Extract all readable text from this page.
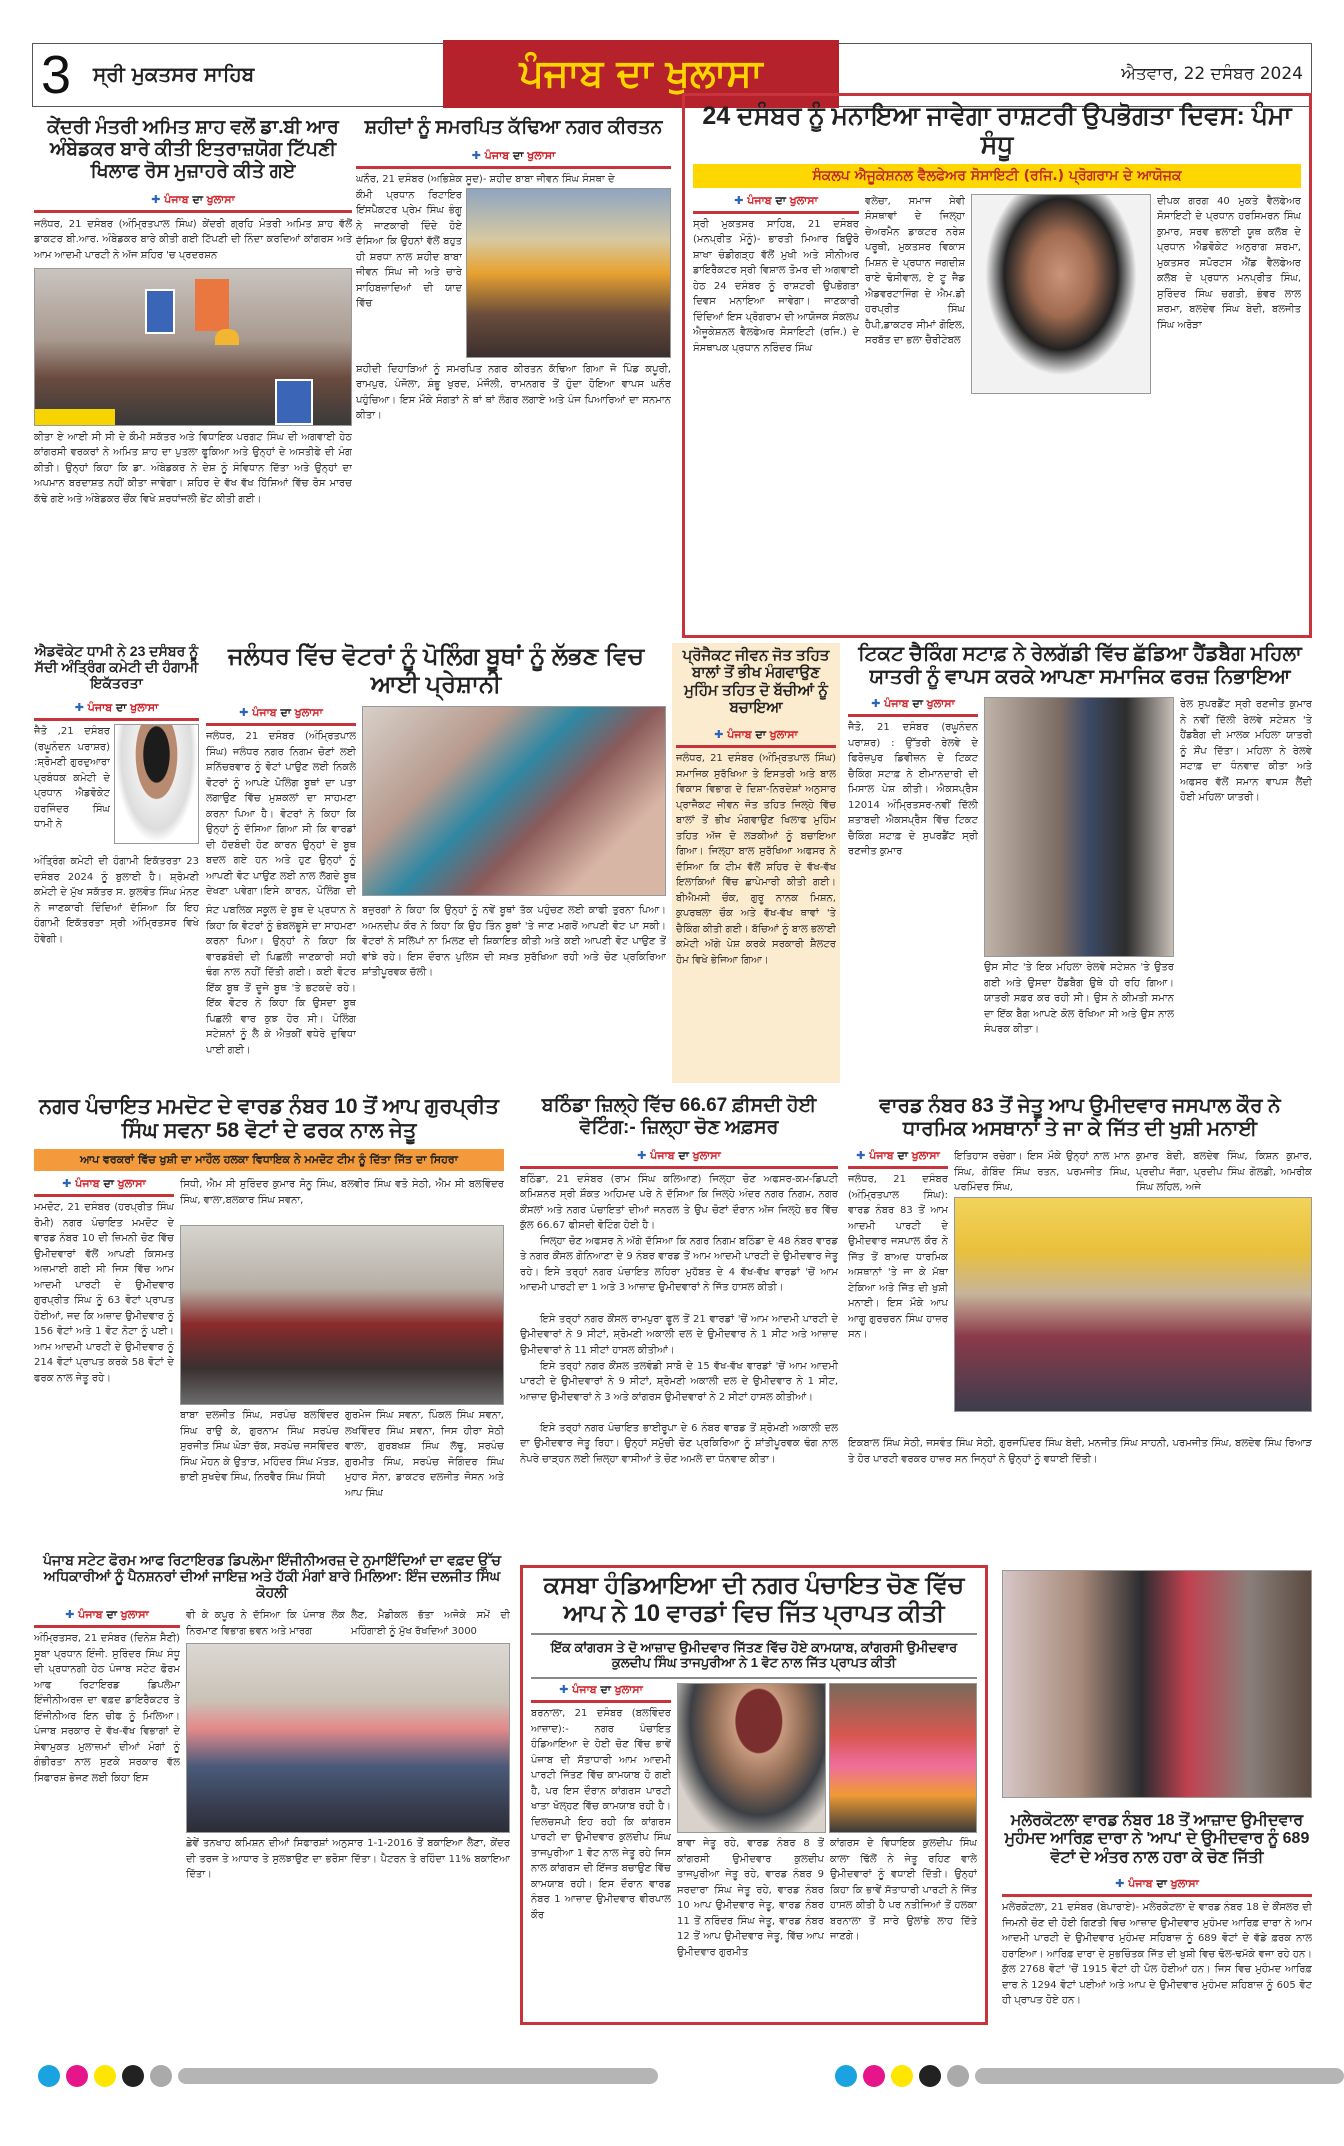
3 ਸ੍ਰੀ ਮੁਕਤਸਰ ਸਾਹਿਬ	ਪੰਜਾਬ ਦਾ ਖੁਲਾਸਾ	ਐਤਵਾਰ, 22 ਦਸੰਬਰ 2024
ਕੇਂਦਰੀ ਮੰਤਰੀ ਅਮਿਤ ਸ਼ਾਹ ਵਲੋਂ ਡਾ.ਬੀ ਆਰ ਅੰਬੇਡਕਰ ਬਾਰੇ ਕੀਤੀ ਇਤਰਾਜ਼ਯੋਗ ਟਿੱਪਣੀ ਖਿਲਾਫ ਰੋਸ ਮੁਜ਼ਾਹਰੇ ਕੀਤੇ ਗਏ
✚ ਪੰਜਾਬ ਦਾ ਖੁਲਾਸਾ
ਜਲੰਧਰ, 21 ਦਸੰਬਰ (ਅੰਮ੍ਰਿਤਪਾਲ ਸਿੰਘ) ਕੇਂਦਰੀ ਗ੍ਰਹਿ ਮੰਤਰੀ ਅਮਿਤ ਸ਼ਾਹ ਵੱਲੋਂ ਡਾਕਟਰ ਬੀ.ਆਰ. ਅੰਬੇਡਕਰ ਬਾਰੇ ਕੀਤੀ ਗਈ ਟਿੱਪਣੀ ਦੀ ਨਿੰਦਾ ਕਰਦਿਆਂ ਕਾਂਗਰਸ ਅਤੇ ਆਮ ਆਦਮੀ ਪਾਰਟੀ ਨੇ ਅੱਜ ਸ਼ਹਿਰ 'ਚ ਪ੍ਰਦਰਸ਼ਨ
ਕੀਤਾ ਏ ਆਈ ਸੀ ਸੀ ਦੇ ਕੌਮੀ ਸਕੱਤਰ ਅਤੇ ਵਿਧਾਇਕ ਪਰਗਟ ਸਿੰਘ ਦੀ ਅਗਵਾਈ ਹੇਠ ਕਾਂਗਰਸੀ ਵਰਕਰਾਂ ਨੇ ਅਮਿਤ ਸ਼ਾਹ ਦਾ ਪੁਤਲਾ ਫੂਕਿਆ ਅਤੇ ਉਨ੍ਹਾਂ ਦੇ ਅਸਤੀਫੇ ਦੀ ਮੰਗ ਕੀਤੀ। ਉਨ੍ਹਾਂ ਕਿਹਾ ਕਿ ਡਾ. ਅੰਬੇਡਕਰ ਨੇ ਦੇਸ਼ ਨੂੰ ਸੰਵਿਧਾਨ ਦਿੱਤਾ ਅਤੇ ਉਨ੍ਹਾਂ ਦਾ ਅਪਮਾਨ ਬਰਦਾਸ਼ਤ ਨਹੀਂ ਕੀਤਾ ਜਾਵੇਗਾ। ਸ਼ਹਿਰ ਦੇ ਵੱਖ ਵੱਖ ਹਿੱਸਿਆਂ ਵਿੱਚ ਰੋਸ ਮਾਰਚ ਕੱਢੇ ਗਏ ਅਤੇ ਅੰਬੇਡਕਰ ਚੌਂਕ ਵਿਖੇ ਸ਼ਰਧਾਂਜਲੀ ਭੇਂਟ ਕੀਤੀ ਗਈ।
ਸ਼ਹੀਦਾਂ ਨੂੰ ਸਮਰਪਿਤ ਕੱਢਿਆ ਨਗਰ ਕੀਰਤਨ
✚ ਪੰਜਾਬ ਦਾ ਖੁਲਾਸਾ
ਘਨੌਰ, 21 ਦਸੰਬਰ (ਅਭਿਸ਼ੇਕ ਸੂਦ)- ਸ਼ਹੀਦ ਬਾਬਾ ਜੀਵਨ ਸਿੰਘ ਸੰਸਥਾ ਦੇ
ਕੌਮੀ ਪ੍ਰਧਾਨ ਰਿਟਾਇਰ ਇਂਸਪੈਕਟਰ ਪ੍ਰੇਮ ਸਿੰਘ ਭੰਗੂ ਨੇ ਜਾਣਕਾਰੀ ਦਿੰਦੇ ਹੋਏ ਦੱਸਿਆ ਕਿ ਉਹਨਾਂ ਵੱਲੋਂ ਬਹੁਤ ਹੀ ਸ਼ਰਧਾ ਨਾਲ ਸ਼ਹੀਦ ਬਾਬਾ ਜੀਵਨ ਸਿੰਘ ਜੀ ਅਤੇ ਚਾਰੇ ਸਾਹਿਬਜ਼ਾਦਿਆਂ ਦੀ ਯਾਦ ਵਿੱਚ
ਸ਼ਹੀਦੀ ਦਿਹਾੜਿਆਂ ਨੂੰ ਸਮਰਪਿਤ ਨਗਰ ਕੀਰਤਨ ਕੱਢਿਆ ਗਿਆ ਜੋ ਪਿੰਡ ਕਪੂਰੀ, ਰਾਮਪੁਰ, ਪੰਜੋਲਾ, ਸ਼ੰਭੂ ਖੁਰਦ, ਮੰਜੌਲੀ, ਰਾਮਨਗਰ ਤੋਂ ਹੁੰਦਾ ਹੋਇਆ ਵਾਪਸ ਘਨੌਰ ਪਹੁੰਚਿਆ। ਇਸ ਮੌਕੇ ਸੰਗਤਾਂ ਨੇ ਥਾਂ ਥਾਂ ਲੰਗਰ ਲਗਾਏ ਅਤੇ ਪੰਜ ਪਿਆਰਿਆਂ ਦਾ ਸਨਮਾਨ ਕੀਤਾ।
24 ਦਸੰਬਰ ਨੂੰ ਮਨਾਇਆ ਜਾਵੇਗਾ ਰਾਸ਼ਟਰੀ ਉਪਭੋਗਤਾ ਦਿਵਸ: ਪੰਮਾ ਸੰਧੂ
ਸੰਕਲਪ ਐਜੂਕੇਸ਼ਨਲ ਵੈਲਫੇਅਰ ਸੋਸਾਇਟੀ (ਰਜਿ.) ਪ੍ਰੋਗਰਾਮ ਦੇ ਆਯੋਜਕ
✚ ਪੰਜਾਬ ਦਾ ਖੁਲਾਸਾ
ਸ੍ਰੀ ਮੁਕਤਸਰ ਸਾਹਿਬ, 21 ਦਸੰਬਰ (ਮਨਪ੍ਰੀਤ ਮੋਨੂੰ)- ਭਾਰਤੀ ਮਿਆਰ ਬਿਊਰੋ ਸ਼ਾਖਾ ਚੰਡੀਗੜ੍ਹ ਵੱਲੋਂ ਮੁਖੀ ਅਤੇ ਸੀਨੀਅਰ ਡਾਇਰੈਕਟਰ ਸ੍ਰੀ ਵਿਸ਼ਾਲ ਤੋਮਰ ਦੀ ਅਗਵਾਈ ਹੇਠ 24 ਦਸੰਬਰ ਨੂੰ ਰਾਸ਼ਟਰੀ ਉਪਭੋਗਤਾ ਦਿਵਸ ਮਨਾਇਆ ਜਾਵੇਗਾ। ਜਾਣਕਾਰੀ ਦਿੰਦਿਆਂ ਇਸ ਪ੍ਰੋਗਰਾਮ ਦੀ ਆਯੋਜਕ ਸੰਕਲਪ ਐਜੂਕੇਸ਼ਨਲ ਵੈਲਫੇਅਰ ਸੋਸਾਇਟੀ (ਰਜਿ.) ਦੇ ਸੰਸਥਾਪਕ ਪ੍ਰਧਾਨ ਨਰਿੰਦਰ ਸਿੰਘ
ਵਲੇਚਾ, ਸਮਾਜ ਸੇਵੀ ਸੰਸਥਾਵਾਂ ਦੇ ਜਿਲ੍ਹਾ ਚੇਅਰਮੈਨ ਡਾਕਟਰ ਨਰੇਸ਼ ਪਰੂਥੀ, ਮੁਕਤਸਰ ਵਿਕਾਸ ਮਿਸ਼ਨ ਦੇ ਪ੍ਰਧਾਨ ਜਗਦੀਸ਼ ਰਾਏ ਢੋਸੀਵਾਲ, ਏ ਟੂ ਜੈਡ ਐਡਵਰਟਾਜਿੰਗ ਦੇ ਐਮ.ਡੀ ਹਰਪ੍ਰੀਤ ਸਿੰਘ ਹੈਪੀ,ਡਾਕਟਰ ਸੀਮਾਂ ਗੋਇਲ, ਸਰਬੱਤ ਦਾ ਭਲਾ ਚੈਰੀਟੇਬਲ
ਦੀਪਕ ਗਰਗ 40 ਮੁਕਤੇ ਵੈਲਫੇਅਰ ਸੋਸਾਇਟੀ ਦੇ ਪ੍ਰਧਾਨ ਹਰਸਿਮਰਨ ਸਿੰਘ ਕੁਮਾਰ, ਸਰਵ ਭਲਾਈ ਯੂਥ ਕਲੱਬ ਦੇ ਪ੍ਰਧਾਨ ਐਡਵੋਕੇਟ ਅਨੁਰਾਗ ਸ਼ਰਮਾ, ਮੁਕਤਸਰ ਸਪੋਰਟਸ ਐਂਡ ਵੈਲਫੇਅਰ ਕਲੱਬ ਦੇ ਪ੍ਰਧਾਨ ਮਨਪ੍ਰੀਤ ਸਿੰਘ, ਸੁਰਿੰਦਰ ਸਿੰਘ ਚਗਤੀ, ਭੰਵਰ ਲਾਲ ਸ਼ਰਮਾ, ਬਲਦੇਵ ਸਿੰਘ ਬੇਦੀ, ਬਲਜੀਤ ਸਿੰਘ ਅਰੋੜਾ
ਐਡਵੋਕੇਟ ਧਾਮੀ ਨੇ 23 ਦਸੰਬਰ ਨੂੰ ਸੱਦੀ ਅੰਤ੍ਰਿੰਗ ਕਮੇਟੀ ਦੀ ਹੰਗਾਮੀ ਇਕੱਤਰਤਾ
✚ ਪੰਜਾਬ ਦਾ ਖੁਲਾਸਾ
ਜੈਤੋ ,21 ਦਸੰਬਰ (ਰਘੂਨੰਦਨ ਪਰਾਸ਼ਰ) :ਸ਼੍ਰੋਮਣੀ ਗੁਰਦੁਆਰਾ ਪ੍ਰਬੰਧਕ ਕਮੇਟੀ ਦੇ ਪ੍ਰਧਾਨ ਐਡਵੋਕੇਟ ਹਰਜਿੰਦਰ ਸਿੰਘ ਧਾਮੀ ਨੇ
ਅੰਤ੍ਰਿੰਗ ਕਮੇਟੀ ਦੀ ਹੰਗਾਮੀ ਇਕੱਤਰਤਾ 23 ਦਸੰਬਰ 2024 ਨੂੰ ਬੁਲਾਈ ਹੈ। ਸ਼੍ਰੋਮਣੀ ਕਮੇਟੀ ਦੇ ਮੁੱਖ ਸਕੱਤਰ ਸ. ਕੁਲਵੰਤ ਸਿੰਘ ਮੰਨਣ ਨੇ ਜਾਣਕਾਰੀ ਦਿੰਦਿਆਂ ਦੱਸਿਆ ਕਿ ਇਹ ਹੰਗਾਮੀ ਇਕੱਤਰਤਾ ਸ੍ਰੀ ਅੰਮ੍ਰਿਤਸਰ ਵਿਖੇ ਹੋਵੇਗੀ।
ਜਲੰਧਰ ਵਿੱਚ ਵੋਟਰਾਂ ਨੂੰ ਪੋਲਿੰਗ ਬੂਥਾਂ ਨੂੰ ਲੱਭਣ ਵਿਚ ਆਈ ਪ੍ਰੇਸ਼ਾਨੀ
✚ ਪੰਜਾਬ ਦਾ ਖੁਲਾਸਾ
ਜਲੰਧਰ, 21 ਦਸੰਬਰ (ਅੰਮ੍ਰਿਤਪਾਲ ਸਿੰਘ) ਜਲੰਧਰ ਨਗਰ ਨਿਗਮ ਚੋਣਾਂ ਲਈ ਸ਼ਨਿੱਚਰਵਾਰ ਨੂੰ ਵੋਟਾਂ ਪਾਉਣ ਲਈ ਨਿਕਲੇ ਵੋਟਰਾਂ ਨੂੰ ਆਪਣੇ ਪੋਲਿੰਗ ਬੂਥਾਂ ਦਾ ਪਤਾ ਲਗਾਉਣ ਵਿੱਚ ਮੁਸ਼ਕਲਾਂ ਦਾ ਸਾਹਮਣਾ ਕਰਨਾ ਪਿਆ ਹੈ। ਵੋਟਰਾਂ ਨੇ ਕਿਹਾ ਕਿ ਉਨ੍ਹਾਂ ਨੂੰ ਦੱਸਿਆ ਗਿਆ ਸੀ ਕਿ ਵਾਰਡਾਂ ਦੀ ਹੱਦਬੰਦੀ ਹੋਣ ਕਾਰਨ ਉਨ੍ਹਾਂ ਦੇ ਬੂਥ ਬਦਲ ਗਏ ਹਨ ਅਤੇ ਹੁਣ ਉਨ੍ਹਾਂ ਨੂੰ ਆਪਣੀ ਵੋਟ ਪਾਉਣ ਲਈ ਨਾਲ ਲੱਗਦੇ ਬੂਥ ਦੇਖਣਾ ਪਵੇਗਾ।ਇਸੇ ਕਾਰਨ, ਪੋਲਿੰਗ ਦੀ
ਸੰਟ ਪਬਲਿਕ ਸਕੂਲ ਦੇ ਬੂਥ ਦੇ ਪ੍ਰਧਾਨ ਨੇ ਕਿਹਾ ਕਿ ਵੋਟਰਾਂ ਨੂੰ ਭੰਬਲਭੂਸੇ ਦਾ ਸਾਹਮਣਾ ਕਰਨਾ ਪਿਆ। ਉਨ੍ਹਾਂ ਨੇ ਕਿਹਾ ਕਿ ਵਾਰਡਬੰਦੀ ਦੀ ਪਿਛਲੀ ਜਾਣਕਾਰੀ ਸਹੀ ਢੰਗ ਨਾਲ ਨਹੀਂ ਦਿੱਤੀ ਗਈ। ਕਈ ਵੋਟਰ ਇੱਕ ਬੂਥ ਤੋਂ ਦੂਜੇ ਬੂਥ 'ਤੇ ਭਟਕਦੇ ਰਹੇ। ਇੱਕ ਵੋਟਰ ਨੇ ਕਿਹਾ ਕਿ ਉਸਦਾ ਬੂਥ ਪਿਛਲੀ ਵਾਰ ਕੁਝ ਹੋਰ ਸੀ। ਪੋਲਿੰਗ ਸਟੇਸ਼ਨਾਂ ਨੂੰ ਲੈ ਕੇ ਐਤਕੀਂ ਵਧੇਰੇ ਦੁਵਿਧਾ ਪਾਈ ਗਈ।
ਬਜ਼ੁਰਗਾਂ ਨੇ ਕਿਹਾ ਕਿ ਉਨ੍ਹਾਂ ਨੂੰ ਨਵੇਂ ਬੂਥਾਂ ਤੱਕ ਪਹੁੰਚਣ ਲਈ ਕਾਫੀ ਤੁਰਨਾ ਪਿਆ। ਅਮਨਦੀਪ ਕੌਰ ਨੇ ਕਿਹਾ ਕਿ ਉਹ ਤਿੰਨ ਬੂਥਾਂ 'ਤੇ ਜਾਣ ਮਗਰੋਂ ਆਪਣੀ ਵੋਟ ਪਾ ਸਕੀ। ਵੋਟਰਾਂ ਨੇ ਸਲਿੱਪਾਂ ਨਾ ਮਿਲਣ ਦੀ ਸ਼ਿਕਾਇਤ ਕੀਤੀ ਅਤੇ ਕਈ ਆਪਣੀ ਵੋਟ ਪਾਉਣ ਤੋਂ ਵਾਂਝੇ ਰਹੇ। ਇਸ ਦੌਰਾਨ ਪੁਲਿਸ ਦੀ ਸਖ਼ਤ ਸੁਰੱਖਿਆ ਰਹੀ ਅਤੇ ਚੋਣ ਪ੍ਰਕਿਰਿਆ ਸ਼ਾਂਤੀਪੂਰਵਕ ਚੱਲੀ।
ਪ੍ਰੋਜੈਕਟ ਜੀਵਨ ਜੋਤ ਤਹਿਤ ਬਾਲਾਂ ਤੋਂ ਭੀਖ ਮੰਗਵਾਉਣ ਮੁਹਿੰਮ ਤਹਿਤ ਦੋ ਬੱਚੀਆਂ ਨੂੰ ਬਚਾਇਆ
✚ ਪੰਜਾਬ ਦਾ ਖੁਲਾਸਾ
ਜਲੰਧਰ, 21 ਦਸੰਬਰ (ਅੰਮ੍ਰਿਤਪਾਲ ਸਿੰਘ) ਸਮਾਜਿਕ ਸੁਰੱਖਿਆ ਤੇ ਇਸਤਰੀ ਅਤੇ ਬਾਲ ਵਿਕਾਸ ਵਿਭਾਗ ਦੇ ਦਿਸ਼ਾ-ਨਿਰਦੇਸ਼ਾਂ ਅਨੁਸਾਰ ਪ੍ਰਾਜੈਕਟ ਜੀਵਨ ਜੋਤ ਤਹਿਤ ਜਿਲ੍ਹੇ ਵਿੱਚ ਬਾਲਾਂ ਤੋਂ ਭੀਖ ਮੰਗਵਾਉਣ ਖਿਲਾਫ ਮੁਹਿੰਮ ਤਹਿਤ ਅੱਜ ਦੋ ਲੜਕੀਆਂ ਨੂੰ ਬਚਾਇਆ ਗਿਆ। ਜਿਲ੍ਹਾ ਬਾਲ ਸੁਰੱਖਿਆ ਅਫਸਰ ਨੇ ਦੱਸਿਆ ਕਿ ਟੀਮ ਵੱਲੋਂ ਸ਼ਹਿਰ ਦੇ ਵੱਖ-ਵੱਖ ਇਲਾਕਿਆਂ ਵਿੱਚ ਛਾਪੇਮਾਰੀ ਕੀਤੀ ਗਈ। ਬੀਐਮਸੀ ਚੌਕ, ਗੁਰੂ ਨਾਨਕ ਮਿਸ਼ਨ, ਕੁਪਰਥਲਾ ਚੌਕ ਅਤੇ ਵੱਖ-ਵੱਖ ਥਾਵਾਂ 'ਤੇ ਚੈਕਿੰਗ ਕੀਤੀ ਗਈ। ਬੱਚਿਆਂ ਨੂੰ ਬਾਲ ਭਲਾਈ ਕਮੇਟੀ ਅੱਗੇ ਪੇਸ਼ ਕਰਕੇ ਸਰਕਾਰੀ ਸ਼ੈਲਟਰ ਹੋਮ ਵਿਖੇ ਭੇਜਿਆ ਗਿਆ।
ਟਿਕਟ ਚੈਕਿੰਗ ਸਟਾਫ਼ ਨੇ ਰੇਲਗੱਡੀ ਵਿੱਚ ਛੱਡਿਆ ਹੈਂਡਬੈਗ ਮਹਿਲਾ ਯਾਤਰੀ ਨੂੰ ਵਾਪਸ ਕਰਕੇ ਆਪਣਾ ਸਮਾਜਿਕ ਫਰਜ਼ ਨਿਭਾਇਆ
✚ ਪੰਜਾਬ ਦਾ ਖੁਲਾਸਾ
ਜੈਤੋ, 21 ਦਸੰਬਰ (ਰਘੂਨੰਦਨ ਪਰਾਸ਼ਰ) : ਉੱਤਰੀ ਰੇਲਵੇ ਦੇ ਫਿਰੋਜ਼ਪੁਰ ਡਿਵੀਜ਼ਨ ਦੇ ਟਿਕਟ ਚੈਕਿੰਗ ਸਟਾਫ਼ ਨੇ ਈਮਾਨਦਾਰੀ ਦੀ ਮਿਸਾਲ ਪੇਸ਼ ਕੀਤੀ। ਐਕਸਪ੍ਰੈਸ 12014 ਅੰਮ੍ਰਿਤਸਰ-ਨਵੀਂ ਦਿੱਲੀ ਸ਼ਤਾਬਦੀ ਐਕਸਪ੍ਰੈਸ ਵਿੱਚ ਟਿਕਟ ਚੈਕਿੰਗ ਸਟਾਫ਼ ਦੇ ਸੁਪਰਡੈਂਟ ਸ੍ਰੀ ਰਣਜੀਤ ਕੁਮਾਰ
ਉਸ ਸੀਟ 'ਤੇ ਇਕ ਮਹਿਲਾ ਰੇਲਵੇ ਸਟੇਸ਼ਨ 'ਤੇ ਉਤਰ ਗਈ ਅਤੇ ਉਸਦਾ ਹੈਂਡਬੈਗ ਉਥੇ ਹੀ ਰਹਿ ਗਿਆ। ਯਾਤਰੀ ਸਫ਼ਰ ਕਰ ਰਹੀ ਸੀ। ਉਸ ਨੇ ਕੀਮਤੀ ਸਮਾਨ ਦਾ ਇੱਕ ਬੈਗ ਆਪਣੇ ਕੋਲ ਰੱਖਿਆ ਸੀ ਅਤੇ ਉਸ ਨਾਲ ਸੰਪਰਕ ਕੀਤਾ।
ਰੇਲ ਸੁਪਰਡੈਂਟ ਸ੍ਰੀ ਰਣਜੀਤ ਕੁਮਾਰ ਨੇ ਨਵੀਂ ਦਿੱਲੀ ਰੇਲਵੇ ਸਟੇਸ਼ਨ 'ਤੇ ਹੈਂਡਬੈਗ ਦੀ ਮਾਲਕ ਮਹਿਲਾ ਯਾਤਰੀ ਨੂੰ ਸੌਂਪ ਦਿੱਤਾ। ਮਹਿਲਾ ਨੇ ਰੇਲਵੇ ਸਟਾਫ਼ ਦਾ ਧੰਨਵਾਦ ਕੀਤਾ ਅਤੇ ਅਫਸਰ ਵੱਲੋਂ ਸਮਾਨ ਵਾਪਸ ਲੈਂਦੀ ਹੋਈ ਮਹਿਲਾ ਯਾਤਰੀ।
ਨਗਰ ਪੰਚਾਇਤ ਮਮਦੋਟ ਦੇ ਵਾਰਡ ਨੰਬਰ 10 ਤੋਂ ਆਪ ਗੁਰਪ੍ਰੀਤ ਸਿੰਘ ਸਵਨਾ 58 ਵੋਟਾਂ ਦੇ ਫਰਕ ਨਾਲ ਜੇਤੂ
ਆਪ ਵਰਕਰਾਂ ਵਿੱਚ ਖੁਸ਼ੀ ਦਾ ਮਾਹੌਲ ਹਲਕਾ ਵਿਧਾਇਕ ਨੇ ਮਮਦੋਟ ਟੀਮ ਨੂੰ ਦਿੱਤਾ ਜਿੱਤ ਦਾ ਸਿਹਰਾ
✚ ਪੰਜਾਬ ਦਾ ਖੁਲਾਸਾ
ਮਮਦੋਟ, 21 ਦਸੰਬਰ (ਹਰਪ੍ਰੀਤ ਸਿੰਘ ਰੋਮੀ) ਨਗਰ ਪੰਚਾਇਤ ਮਮਦੋਟ ਦੇ ਵਾਰਡ ਨੰਬਰ 10 ਦੀ ਜ਼ਿਮਨੀ ਚੋਣ ਵਿੱਚ ਉਮੀਦਵਾਰਾਂ ਵੱਲੋਂ ਆਪਣੀ ਕਿਸਮਤ ਅਜ਼ਮਾਈ ਗਈ ਸੀ ਜਿਸ ਵਿੱਚ ਆਮ ਆਦਮੀ ਪਾਰਟੀ ਦੇ ਉਮੀਦਵਾਰ ਗੁਰਪ੍ਰੀਤ ਸਿੰਘ ਨੂੰ 63 ਵੋਟਾਂ ਪ੍ਰਾਪਤ ਹੋਈਆਂ, ਜਦ ਕਿ ਅਜ਼ਾਦ ਉਮੀਦਵਾਰ ਨੂੰ 156 ਵੋਟਾਂ ਅਤੇ 1 ਵੋਟ ਨੋਟਾ ਨੂੰ ਪਈ। ਆਮ ਆਦਮੀ ਪਾਰਟੀ ਦੇ ਉਮੀਦਵਾਰ ਨੂੰ 214 ਵੋਟਾਂ ਪ੍ਰਾਪਤ ਕਰਕੇ 58 ਵੋਟਾਂ ਦੇ ਫਰਕ ਨਾਲ ਜੇਤੂ ਰਹੇ।
ਸਿਧੀ, ਐਮ ਸੀ ਸੁਰਿੰਦਰ ਕੁਮਾਰ ਸੋਨੂ ਸਿੰਘ, ਬਲਵੀਰ ਸਿੰਘ ਵਤੋ ਸੇਠੀ, ਐਮ ਸੀ ਬਲਵਿੰਦਰ ਸਿੰਘ, ਵਾਲਾ,ਬਲਕਾਰ ਸਿੰਘ ਸਵਨਾ,
ਬਾਬਾ ਦਲਜੀਤ ਸਿੰਘ, ਸਰਪੰਚ ਬਲਵਿੰਦਰ ਸਿੰਘ ਰਾਉ ਕੇ, ਗੁਰਨਾਮ ਸਿੰਘ ਸਰਪੰਚ ਸੁਰਜੀਤ ਸਿੰਘ ਘੋੜਾ ਚੱਕ, ਸਰਪੰਚ ਜਸਵਿੰਦਰ ਸਿੰਘ ਮੋਹਨ ਕੇ ਉਤਾੜ, ਮਹਿੰਦਰ ਸਿੰਘ ਮੱਤੜ, ਭਾਈ ਸੁਖਦੇਵ ਸਿੰਘ, ਨਿਰਵੈਰ ਸਿੰਘ ਸਿੰਧੀ
ਗੁਰਮੇਜ ਸਿੰਘ ਸਵਨਾ, ਪਿੰਕਲ ਸਿੰਘ ਸਵਨਾ, ਲਖਵਿੰਦਰ ਸਿੰਘ ਸਵਨਾ, ਜਿਸ ਹੀਰਾ ਸੇਠੀ ਵਾਲਾ, ਗੁਰਬਖਸ਼ ਸਿੰਘ ਲੱਢੂ, ਸਰਪੰਚ ਗੁਰਮੀਤ ਸਿੰਘ, ਸਰਪੰਚ ਜੋਗਿੰਦਰ ਸਿੰਘ ਮੁਹਾਰ ਸੋਨਾ, ਡਾਕਟਰ ਦਲਜੀਤ ਜੋਸਨ ਅਤੇ ਆਪ ਸਿੰਘ
ਬਠਿੰਡਾ ਜ਼ਿਲ੍ਹੇ ਵਿੱਚ 66.67 ਫ਼ੀਸਦੀ ਹੋਈ ਵੋਟਿੰਗ:- ਜ਼ਿਲ੍ਹਾ ਚੋਣ ਅਫ਼ਸਰ
✚ ਪੰਜਾਬ ਦਾ ਖੁਲਾਸਾ
ਬਠਿੰਡਾ, 21 ਦਸੰਬਰ (ਰਾਮ ਸਿੰਘ ਕਲਿਆਣ) ਜਿਲ੍ਹਾ ਚੋਣ ਅਫਸਰ-ਕਮ-ਡਿਪਟੀ ਕਮਿਸ਼ਨਰ ਸ੍ਰੀ ਸ਼ੌਕਤ ਅਹਿਮਦ ਪਰੇ ਨੇ ਦੱਸਿਆ ਕਿ ਜਿਲ੍ਹੇ ਅੰਦਰ ਨਗਰ ਨਿਗਮ, ਨਗਰ ਕੌਂਸਲਾਂ ਅਤੇ ਨਗਰ ਪੰਚਾਇਤਾਂ ਦੀਆਂ ਜਨਰਲ ਤੇ ਉਪ ਚੋਣਾਂ ਦੌਰਾਨ ਅੱਜ ਜਿਲ੍ਹੇ ਭਰ ਵਿੱਚ ਕੁੱਲ 66.67 ਫੀਸਦੀ ਵੋਟਿੰਗ ਹੋਈ ਹੈ।
ਜਿਲ੍ਹਾ ਚੋਣ ਅਫਸਰ ਨੇ ਅੱਗੇ ਦੱਸਿਆ ਕਿ ਨਗਰ ਨਿਗਮ ਬਠਿੰਡਾ ਦੇ 48 ਨੰਬਰ ਵਾਰਡ ਤੇ ਨਗਰ ਕੌਂਸਲ ਗੋਨਿਆਣਾ ਦੇ 9 ਨੰਬਰ ਵਾਰਡ ਤੋਂ ਆਮ ਆਦਮੀ ਪਾਰਟੀ ਦੇ ਉਮੀਦਵਾਰ ਜੇਤੂ ਰਹੇ। ਇਸੇ ਤਰ੍ਹਾਂ ਨਗਰ ਪੰਚਾਇਤ ਲਹਿਰਾ ਮੁਹੱਬਤ ਦੇ 4 ਵੱਖ-ਵੱਖ ਵਾਰਡਾਂ 'ਚੋਂ ਆਮ ਆਦਮੀ ਪਾਰਟੀ ਦਾ 1 ਅਤੇ 3 ਆਜ਼ਾਦ ਉਮੀਦਵਾਰਾਂ ਨੇ ਜਿੱਤ ਹਾਸਲ ਕੀਤੀ।
ਇਸੇ ਤਰ੍ਹਾਂ ਨਗਰ ਕੌਂਸਲ ਰਾਮਪੁਰਾ ਫੂਲ ਤੋਂ 21 ਵਾਰਡਾਂ 'ਚੋਂ ਆਮ ਆਦਮੀ ਪਾਰਟੀ ਦੇ ਉਮੀਦਵਾਰਾਂ ਨੇ 9 ਸੀਟਾਂ, ਸ਼੍ਰੋਮਣੀ ਅਕਾਲੀ ਦਲ ਦੇ ਉਮੀਦਵਾਰ ਨੇ 1 ਸੀਟ ਅਤੇ ਆਜ਼ਾਦ ਉਮੀਦਵਾਰਾਂ ਨੇ 11 ਸੀਟਾਂ ਹਾਸਲ ਕੀਤੀਆਂ।
ਇਸੇ ਤਰ੍ਹਾਂ ਨਗਰ ਕੌਂਸਲ ਤਲਵੰਡੀ ਸਾਬੋ ਦੇ 15 ਵੱਖ-ਵੱਖ ਵਾਰਡਾਂ 'ਚੋਂ ਆਮ ਆਦਮੀ ਪਾਰਟੀ ਦੇ ਉਮੀਦਵਾਰਾਂ ਨੇ 9 ਸੀਟਾਂ, ਸ਼੍ਰੋਮਣੀ ਅਕਾਲੀ ਦਲ ਦੇ ਉਮੀਦਵਾਰ ਨੇ 1 ਸੀਟ, ਆਜ਼ਾਦ ਉਮੀਦਵਾਰਾਂ ਨੇ 3 ਅਤੇ ਕਾਂਗਰਸ ਉਮੀਦਵਾਰਾਂ ਨੇ 2 ਸੀਟਾਂ ਹਾਸਲ ਕੀਤੀਆਂ।
ਇਸੇ ਤਰ੍ਹਾਂ ਨਗਰ ਪੰਚਾਇਤ ਭਾਈਰੂਪਾ ਦੇ 6 ਨੰਬਰ ਵਾਰਡ ਤੋਂ ਸ਼੍ਰੋਮਣੀ ਅਕਾਲੀ ਦਲ ਦਾ ਉਮੀਦਵਾਰ ਜੇਤੂ ਰਿਹਾ। ਉਨ੍ਹਾਂ ਸਮੁੱਚੀ ਚੋਣ ਪ੍ਰਕਿਰਿਆ ਨੂੰ ਸ਼ਾਂਤੀਪੂਰਵਕ ਢੰਗ ਨਾਲ ਨੇਪਰੇ ਚਾੜ੍ਹਨ ਲਈ ਜ਼ਿਲ੍ਹਾ ਵਾਸੀਆਂ ਤੇ ਚੋਣ ਅਮਲੇ ਦਾ ਧੰਨਵਾਦ ਕੀਤਾ।
ਵਾਰਡ ਨੰਬਰ 83 ਤੋਂ ਜੇਤੂ ਆਪ ਉਮੀਦਵਾਰ ਜਸਪਾਲ ਕੌਰ ਨੇ ਧਾਰਮਿਕ ਅਸਥਾਨਾਂ ਤੇ ਜਾ ਕੇ ਜਿੱਤ ਦੀ ਖੁਸ਼ੀ ਮਨਾਈ
✚ ਪੰਜਾਬ ਦਾ ਖੁਲਾਸਾ
ਜਲੰਧਰ, 21 ਦਸੰਬਰ (ਅੰਮ੍ਰਿਤਪਾਲ ਸਿੰਘ): ਵਾਰਡ ਨੰਬਰ 83 ਤੋਂ ਆਮ ਆਦਮੀ ਪਾਰਟੀ ਦੇ ਉਮੀਦਵਾਰ ਜਸਪਾਲ ਕੌਰ ਨੇ ਜਿੱਤ ਤੋਂ ਬਾਅਦ ਧਾਰਮਿਕ ਅਸਥਾਨਾਂ 'ਤੇ ਜਾ ਕੇ ਮੱਥਾ ਟੇਕਿਆ ਅਤੇ ਜਿੱਤ ਦੀ ਖੁਸ਼ੀ ਮਨਾਈ। ਇਸ ਮੌਕੇ ਆਪ ਆਗੂ ਗੁਰਚਰਨ ਸਿੰਘ ਹਾਜ਼ਰ ਸਨ।
ਇਤਿਹਾਸ ਰਚੇਗਾ। ਇਸ ਮੌਕੇ ਉਨ੍ਹਾਂ ਨਾਲ ਮਾਨ ਸਿੰਘ, ਗੋਬਿੰਦ ਸਿੰਘ ਰਤਨ, ਪਰਮਜੀਤ ਸਿੰਘ, ਪਰਮਿੰਦਰ ਸਿੰਘ,
ਕੁਮਾਰ ਬੇਦੀ, ਬਲਦੇਵ ਸਿੰਘ, ਕਿਸ਼ਨ ਕੁਮਾਰ, ਪ੍ਰਦੀਪ ਜੱਗਾ, ਪ੍ਰਦੀਪ ਸਿੰਘ ਗੋਲਡੀ, ਅਮਰੀਕ ਸਿੰਘ ਲਹਿਲ, ਅਜੇ
ਇਕਬਾਲ ਸਿੰਘ ਸੇਠੀ, ਜਸਵੰਤ ਸਿੰਘ ਸੇਠੀ, ਗੁਰਜਪਿੰਦਰ ਸਿੰਘ ਬੇਦੀ, ਮਨਜੀਤ ਸਿੰਘ ਸਾਹਨੀ, ਪਰਮਜੀਤ ਸਿੰਘ, ਬਲਦੇਵ ਸਿੰਘ ਰਿਆੜ ਤੇ ਹੋਰ ਪਾਰਟੀ ਵਰਕਰ ਹਾਜ਼ਰ ਸਨ ਜਿਨ੍ਹਾਂ ਨੇ ਉਨ੍ਹਾਂ ਨੂੰ ਵਧਾਈ ਦਿੱਤੀ।
ਪੰਜਾਬ ਸਟੇਟ ਫੋਰਮ ਆਫ ਰਿਟਾਇਰਡ ਡਿਪਲੋਮਾ ਇੰਜੀਨੀਅਰਜ਼ ਦੇ ਨੁਮਾਇੰਦਿਆਂ ਦਾ ਵਫ਼ਦ ਉੱਚ ਅਧਿਕਾਰੀਆਂ ਨੂੰ ਪੈਨਸ਼ਨਰਾਂ ਦੀਆਂ ਜਾਇਜ਼ ਅਤੇ ਹੱਕੀ ਮੰਗਾਂ ਬਾਰੇ ਮਿਲਿਆ: ਇੰਜ ਦਲਜੀਤ ਸਿੰਘ ਕੋਹਲੀ
✚ ਪੰਜਾਬ ਦਾ ਖੁਲਾਸਾ
ਅੰਮ੍ਰਿਤਸਰ, 21 ਦਸੰਬਰ (ਦਿਨੇਸ਼ ਸੈਣੀ) ਸੂਬਾ ਪ੍ਰਧਾਨ ਇੰਜੀ. ਸੁਰਿੰਦਰ ਸਿੰਘ ਸੰਧੂ ਦੀ ਪ੍ਰਧਾਨਗੀ ਹੇਠ ਪੰਜਾਬ ਸਟੇਟ ਫੋਰਮ ਆਫ ਰਿਟਾਇਰਡ ਡਿਪਲੋਮਾ ਇੰਜੀਨੀਅਰਜ਼ ਦਾ ਵਫ਼ਦ ਡਾਇਰੈਕਟਰ ਤੇ ਇੰਜੀਨੀਅਰ ਇਨ ਚੀਫ ਨੂੰ ਮਿਲਿਆ। ਪੰਜਾਬ ਸਰਕਾਰ ਦੇ ਵੱਖ-ਵੱਖ ਵਿਭਾਗਾਂ ਦੇ ਸੇਵਾਮੁਕਤ ਮੁਲਾਜ਼ਮਾਂ ਦੀਆਂ ਮੰਗਾਂ ਨੂੰ ਗੰਭੀਰਤਾ ਨਾਲ ਸੁਣਕੇ ਸਰਕਾਰ ਵੱਲ ਸਿਫਾਰਸ਼ ਭੇਜਣ ਲਈ ਕਿਹਾ ਇਸ
ਵੀ ਕੇ ਕਪੂਰ ਨੇ ਦੱਸਿਆ ਕਿ ਪੰਜਾਬ ਲੋਕ ਨਿਰਮਾਣ ਵਿਭਾਗ ਭਵਨ ਅਤੇ ਮਾਰਗ
ਲੈਣ, ਮੈਡੀਕਲ ਭੱਤਾ ਅਜੋਕੇ ਸਮੇਂ ਦੀ ਮਹਿੰਗਾਈ ਨੂੰ ਮੁੱਖ ਰੱਖਦਿਆਂ 3000
ਛੇਵੇਂ ਤਨਖਾਹ ਕਮਿਸ਼ਨ ਦੀਆਂ ਸਿਫਾਰਸ਼ਾਂ ਅਨੁਸਾਰ 1-1-2016 ਤੋਂ ਬਕਾਇਆ ਲੈਣਾ, ਕੇਂਦਰ ਦੀ ਤਰਜ ਤੇ ਆਧਾਰ ਤੇ ਸੁਲਝਾਉਣ ਦਾ ਭਰੋਸਾ ਦਿੱਤਾ। ਪੈਟਰਨ ਤੇ ਰਹਿੰਦਾ 11% ਬਕਾਇਆ ਦਿੱਤਾ।
ਕਸਬਾ ਹੰਡਿਆਇਆ ਦੀ ਨਗਰ ਪੰਚਾਇਤ ਚੋਣ ਵਿੱਚ ਆਪ ਨੇ 10 ਵਾਰਡਾਂ ਵਿਚ ਜਿੱਤ ਪ੍ਰਾਪਤ ਕੀਤੀ
ਇੱਕ ਕਾਂਗਰਸ ਤੇ ਦੋ ਆਜ਼ਾਦ ਉਮੀਦਵਾਰ ਜਿੱਤਣ ਵਿੱਚ ਹੋਏ ਕਾਮਯਾਬ, ਕਾਂਗਰਸੀ ਉਮੀਦਵਾਰ ਕੁਲਦੀਪ ਸਿੰਘ ਤਾਜਪੁਰੀਆ ਨੇ 1 ਵੋਟ ਨਾਲ ਜਿੱਤ ਪ੍ਰਾਪਤ ਕੀਤੀ
✚ ਪੰਜਾਬ ਦਾ ਖੁਲਾਸਾ
ਬਰਨਾਲਾ, 21 ਦਸੰਬਰ (ਬਲਵਿੰਦਰ ਆਜ਼ਾਦ):- ਨਗਰ ਪੰਚਾਇਤ ਹੰਡਿਆਇਆ ਦੇ ਹੋਈ ਚੋਣ ਵਿੱਚ ਭਾਵੇਂ ਪੰਜਾਬ ਦੀ ਸੱਤਾਧਾਰੀ ਆਮ ਆਦਮੀ ਪਾਰਟੀ ਜਿੱਤਣ ਵਿੱਚ ਕਾਮਯਾਬ ਹੋ ਗਈ ਹੈ, ਪਰ ਇਸ ਦੌਰਾਨ ਕਾਂਗਰਸ ਪਾਰਟੀ ਖਾਤਾ ਖੋਲ੍ਹਣ ਵਿੱਚ ਕਾਮਯਾਬ ਰਹੀ ਹੈ। ਦਿਲਚਸਪੀ ਇਹ ਰਹੀ ਕਿ ਕਾਂਗਰਸ ਪਾਰਟੀ ਦਾ ਉਮੀਦਵਾਰ ਕੁਲਦੀਪ ਸਿੰਘ ਤਾਜਪੁਰੀਆ 1 ਵੋਟ ਨਾਲ ਜੇਤੂ ਰਹੇ ਜਿਸ ਨਾਲ ਕਾਂਗਰਸ ਦੀ ਇੱਜਤ ਬਚਾਉਣ ਵਿੱਚ ਕਾਮਯਾਬ ਰਹੀ। ਇਸ ਦੌਰਾਨ ਵਾਰਡ ਨੰਬਰ 1 ਆਜ਼ਾਦ ਉਮੀਦਵਾਰ ਵੀਰਪਾਲ ਕੌਰ
ਬਾਵਾ ਜੇਤੂ ਰਹੇ, ਵਾਰਡ ਨੰਬਰ 8 ਤੋਂ ਕਾਂਗਰਸੀ ਉਮੀਦਵਾਰ ਕੁਲਦੀਪ ਤਾਜਪੁਰੀਆ ਜੇਤੂ ਰਹੇ, ਵਾਰਡ ਨੰਬਰ 9 ਸਰਦਾਰਾ ਸਿੰਘ ਜੇਤੂ ਰਹੇ, ਵਾਰਡ ਨੰਬਰ 10 ਆਪ ਉਮੀਦਵਾਰ ਜੇਤੂ, ਵਾਰਡ ਨੰਬਰ 11 ਤੋਂ ਨਰਿੰਦਰ ਸਿੰਘ ਜੇਤੂ, ਵਾਰਡ ਨੰਬਰ 12 ਤੋਂ ਆਪ ਉਮੀਦਵਾਰ ਜੇਤੂ, ਵਿੱਚ ਆਪ ਉਮੀਦਵਾਰ ਗੁਰਮੀਤ
ਕਾਂਗਰਸ ਦੇ ਵਿਧਾਇਕ ਕੁਲਦੀਪ ਸਿੰਘ ਕਾਲਾ ਢਿੱਲੋਂ ਨੇ ਜੇਤੂ ਰਹਿਣ ਵਾਲੇ ਉਮੀਦਵਾਰਾਂ ਨੂੰ ਵਧਾਈ ਦਿੱਤੀ। ਉਨ੍ਹਾਂ ਕਿਹਾ ਕਿ ਭਾਵੇਂ ਸੱਤਾਧਾਰੀ ਪਾਰਟੀ ਨੇ ਜਿੱਤ ਹਾਸਲ ਕੀਤੀ ਹੈ ਪਰ ਨਤੀਜਿਆਂ ਤੋਂ ਹਲਕਾ ਬਰਨਾਲਾ ਤੋਂ ਸਾਰੇ ਉਲਾਂਭੇ ਲਾਹ ਦਿੱਤੇ ਜਾਣਗੇ।
ਮਲੇਰਕੋਟਲਾ ਵਾਰਡ ਨੰਬਰ 18 ਤੋਂ ਆਜ਼ਾਦ ਉਮੀਦਵਾਰ ਮੁਹੰਮਦ ਆਰਿਫ਼ ਦਾਰਾ ਨੇ 'ਆਪ' ਦੇ ਉਮੀਦਵਾਰ ਨੂੰ 689 ਵੋਟਾਂ ਦੇ ਅੰਤਰ ਨਾਲ ਹਰਾ ਕੇ ਚੋਣ ਜਿੱਤੀ
✚ ਪੰਜਾਬ ਦਾ ਖੁਲਾਸਾ
ਮਲੇਰਕੋਟਲਾ, 21 ਦਸੰਬਰ (ਬੇਪਾਰਾਏ)- ਮਲੇਰਕੋਟਲਾ ਦੇ ਵਾਰਡ ਨੰਬਰ 18 ਦੇ ਕੌਂਸਲਰ ਦੀ ਜਿਮਨੀ ਚੋਣ ਦੀ ਹੋਈ ਗਿਣਤੀ ਵਿਚ ਆਜ਼ਾਦ ਉਮੀਦਵਾਰ ਮੁਹੰਮਦ ਆਰਿਫ਼ ਦਾਰਾ ਨੇ ਆਮ ਆਦਮੀ ਪਾਰਟੀ ਦੇ ਉਮੀਦਵਾਰ ਮੁਹੰਮਦ ਸਹਿਬਾਜ਼ ਨੂੰ 689 ਵੋਟਾਂ ਦੇ ਵੱਡੇ ਫ਼ਰਕ ਨਾਲ ਹਰਾਇਆ। ਆਰਿਫ਼ ਦਾਰਾ ਦੇ ਸੁਭਚਿੰਤਕ ਜਿੱਤ ਦੀ ਖੁਸ਼ੀ ਵਿਚ ਢੋਲ-ਢਮੱਕੇ ਵਜਾ ਰਹੇ ਹਨ। ਕੁੱਲ 2768 ਵੋਟਾਂ 'ਚੋਂ 1915 ਵੋਟਾਂ ਹੀ ਪੋਲ ਹੋਈਆਂ ਹਨ। ਜਿਸ ਵਿਚ ਮੁਹੰਮਦ ਆਰਿਫ਼ ਦਾਰ ਨੇ 1294 ਵੋਟਾਂ ਪਈਆਂ ਅਤੇ ਆਪ ਦੇ ਉਮੀਦਵਾਰ ਮੁਹੰਮਦ ਸ਼ਹਿਬਾਜ਼ ਨੂੰ 605 ਵੋਟ ਹੀ ਪ੍ਰਾਪਤ ਹੋਏ ਹਨ।
